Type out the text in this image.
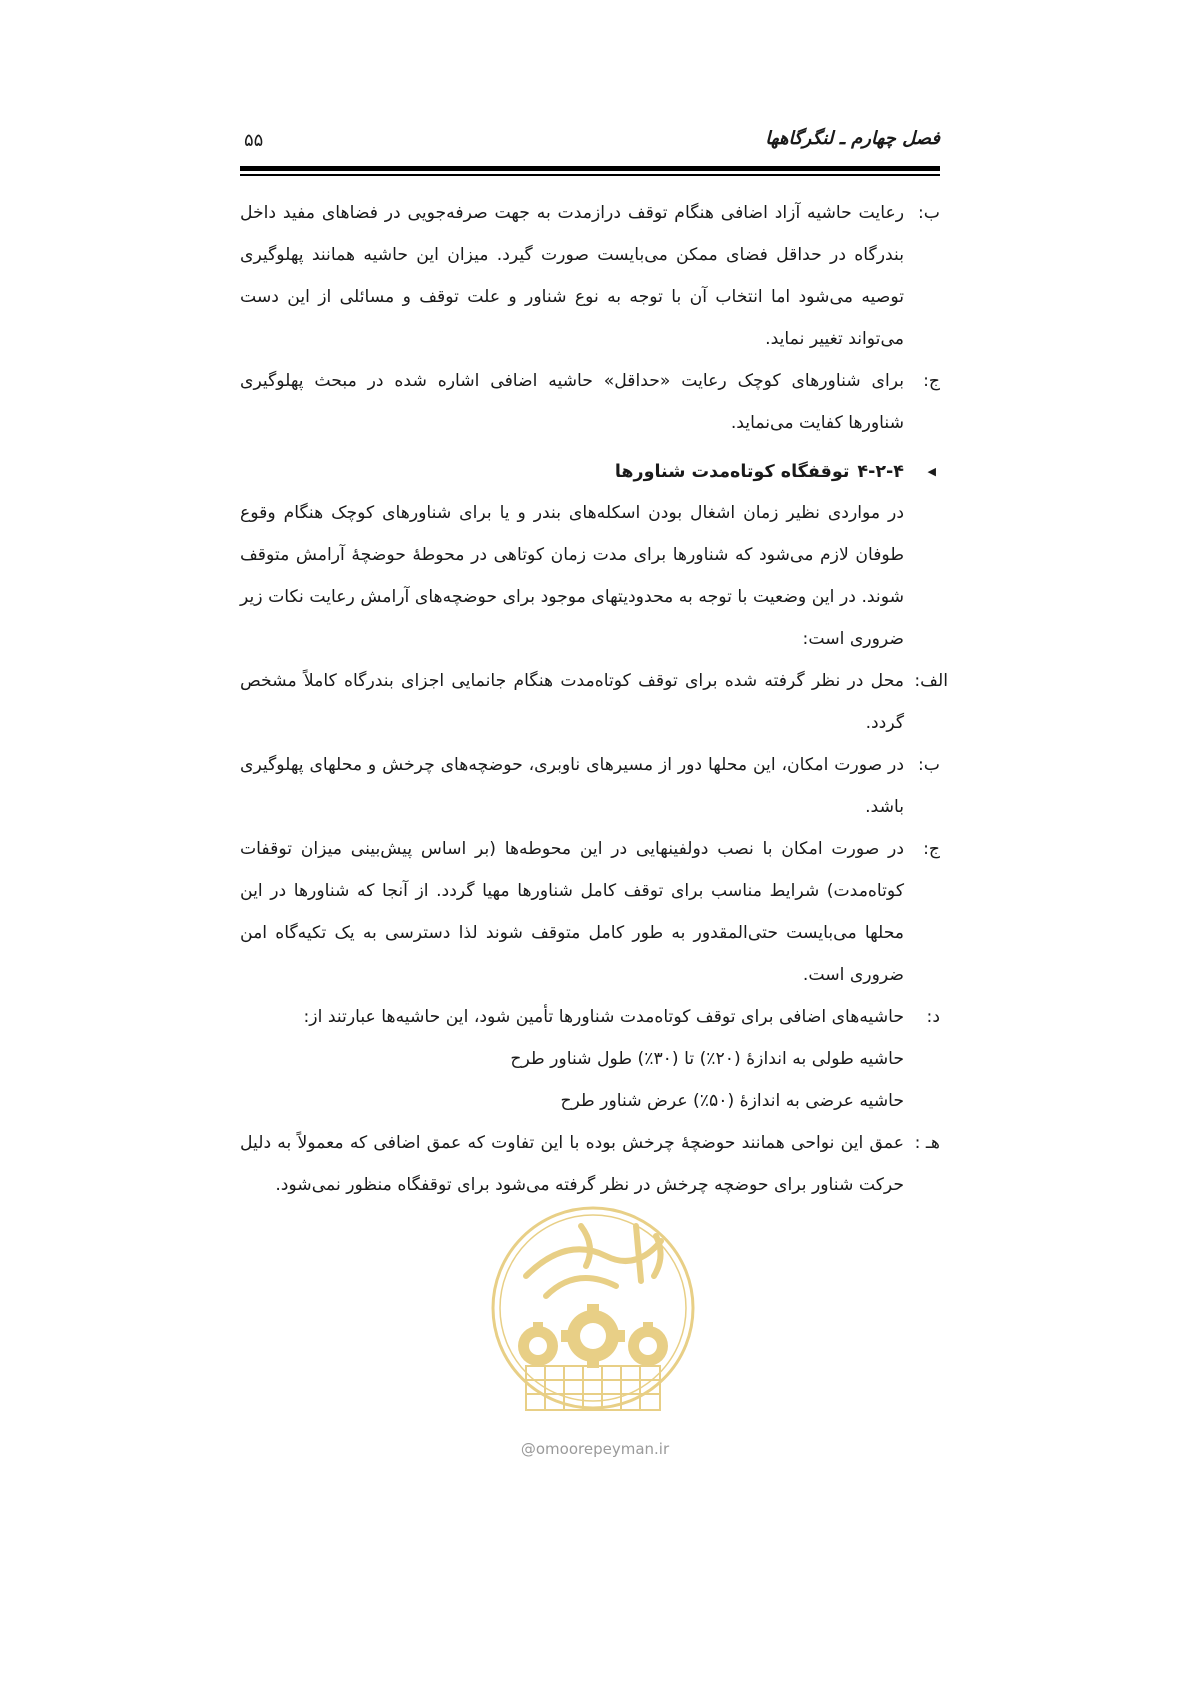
فصل چهارم ـ لنگرگاهها
۵۵
ب:
رعایت حاشیه آزاد اضافی هنگام توقف درازمدت به جهت صرفه‌جویی در فضاهای مفید داخل بندرگاه در حداقل فضای ممکن می‌بایست صورت گیرد. میزان این حاشیه همانند پهلوگیری توصیه می‌شود اما انتخاب آن با توجه به نوع شناور و علت توقف و مسائلی از این دست می‌تواند تغییر نماید.
ج:
برای شناورهای کوچک رعایت «حداقل» حاشیه اضافی اشاره شده در مبحث پهلوگیری شناورها کفایت می‌نماید.
◀
۴-۲-۴
توقفگاه کوتاه‌مدت شناورها
در مواردی نظیر زمان اشغال بودن اسکله‌های بندر و یا برای شناورهای کوچک هنگام وقوع طوفان لازم می‌شود که شناورها برای مدت زمان کوتاهی در محوطهٔ حوضچهٔ آرامش متوقف شوند. در این وضعیت با توجه به محدودیتهای موجود برای حوضچه‌های آرامش رعایت نکات زیر ضروری است:
الف:
محل در نظر گرفته شده برای توقف کوتاه‌مدت هنگام جانمایی اجزای بندرگاه کاملاً مشخص گردد.
ب:
در صورت امکان، این محلها دور از مسیرهای ناوبری، حوضچه‌های چرخش و محلهای پهلوگیری باشد.
ج:
در صورت امکان با نصب دولفینهایی در این محوطه‌ها (بر اساس پیش‌بینی میزان توقفات کوتاه‌مدت) شرایط مناسب برای توقف کامل شناورها مهیا گردد. از آنجا که شناورها در این محلها می‌بایست حتی‌المقدور به طور کامل متوقف شوند لذا دسترسی به یک تکیه‌گاه امن ضروری است.
د:
حاشیه‌های اضافی برای توقف کوتاه‌مدت شناورها تأمین شود، این حاشیه‌ها عبارتند از:
حاشیه طولی به اندازهٔ (۲۰٪) تا (۳۰٪) طول شناور طرح
حاشیه عرضی به اندازهٔ (۵۰٪) عرض شناور طرح
هـ :
عمق این نواحی همانند حوضچهٔ چرخش بوده با این تفاوت که عمق اضافی که معمولاً به دلیل حرکت شناور برای حوضچه چرخش در نظر گرفته می‌شود برای توقفگاه منظور نمی‌شود.
@omoorepeyman.ir
